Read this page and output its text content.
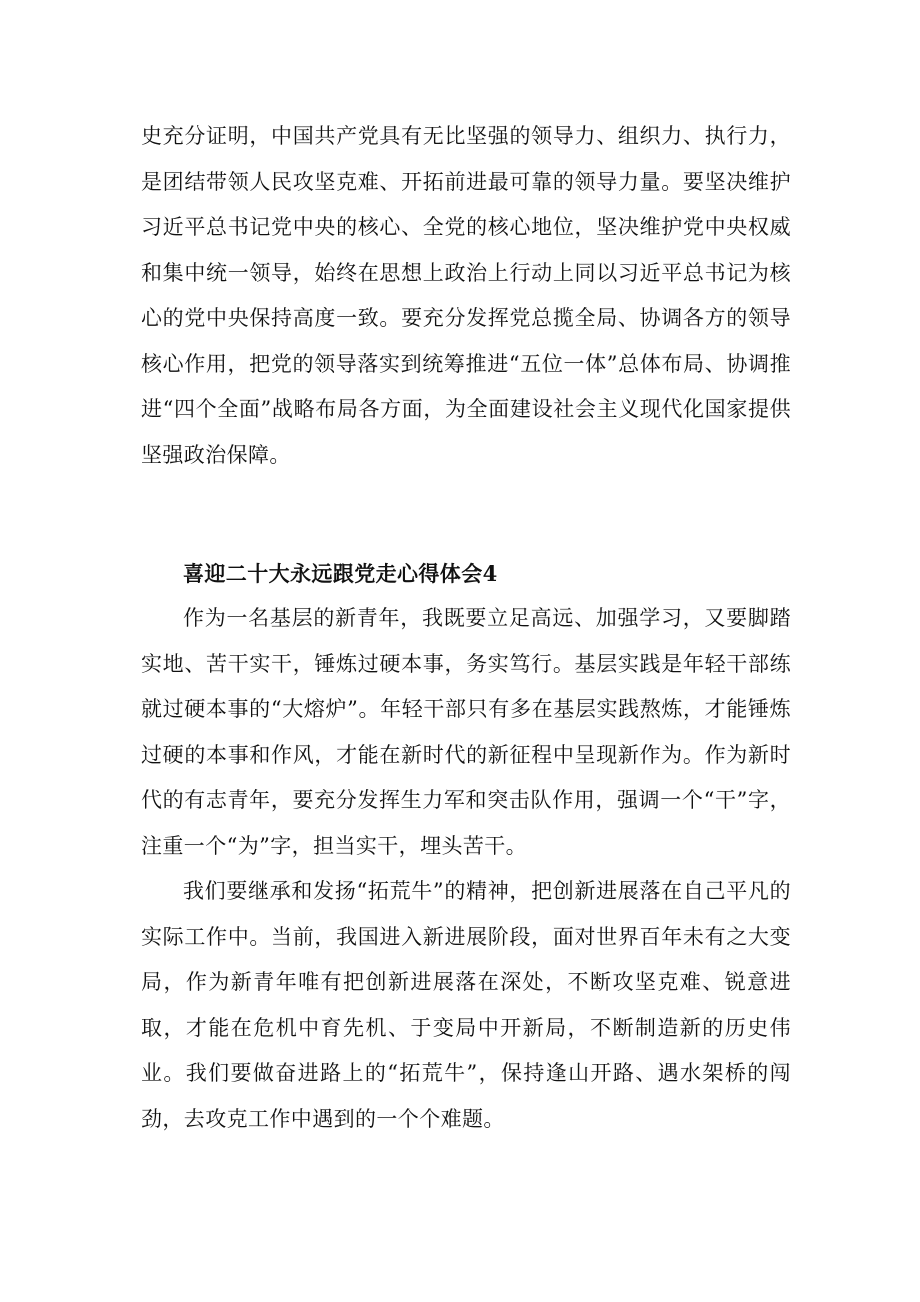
史充分证明，中国共产党具有无比坚强的领导力、组织力、执行力，是团结带领人民攻坚克难、开拓前进最可靠的领导力量。要坚决维护习近平总书记党中央的核心、全党的核心地位，坚决维护党中央权威和集中统一领导，始终在思想上政治上行动上同以习近平总书记为核心的党中央保持高度一致。要充分发挥党总揽全局、协调各方的领导核心作用，把党的领导落实到统筹推进“五位一体”总体布局、协调推进“四个全面”战略布局各方面，为全面建设社会主义现代化国家提供坚强政治保障。

喜迎二十大永远跟党走心得体会4

作为一名基层的新青年，我既要立足高远、加强学习，又要脚踏实地、苦干实干，锤炼过硬本事，务实笃行。基层实践是年轻干部练就过硬本事的“大熔炉”。年轻干部只有多在基层实践熬炼，才能锤炼过硬的本事和作风，才能在新时代的新征程中呈现新作为。作为新时代的有志青年，要充分发挥生力军和突击队作用，强调一个“干”字，注重一个“为”字，担当实干，埋头苦干。

我们要继承和发扬“拓荒牛”的精神，把创新进展落在自己平凡的实际工作中。当前，我国进入新进展阶段，面对世界百年未有之大变局，作为新青年唯有把创新进展落在深处，不断攻坚克难、锐意进取，才能在危机中育先机、于变局中开新局，不断制造新的历史伟业。我们要做奋进路上的“拓荒牛”，保持逢山开路、遇水架桥的闯劲，去攻克工作中遇到的一个个难题。
